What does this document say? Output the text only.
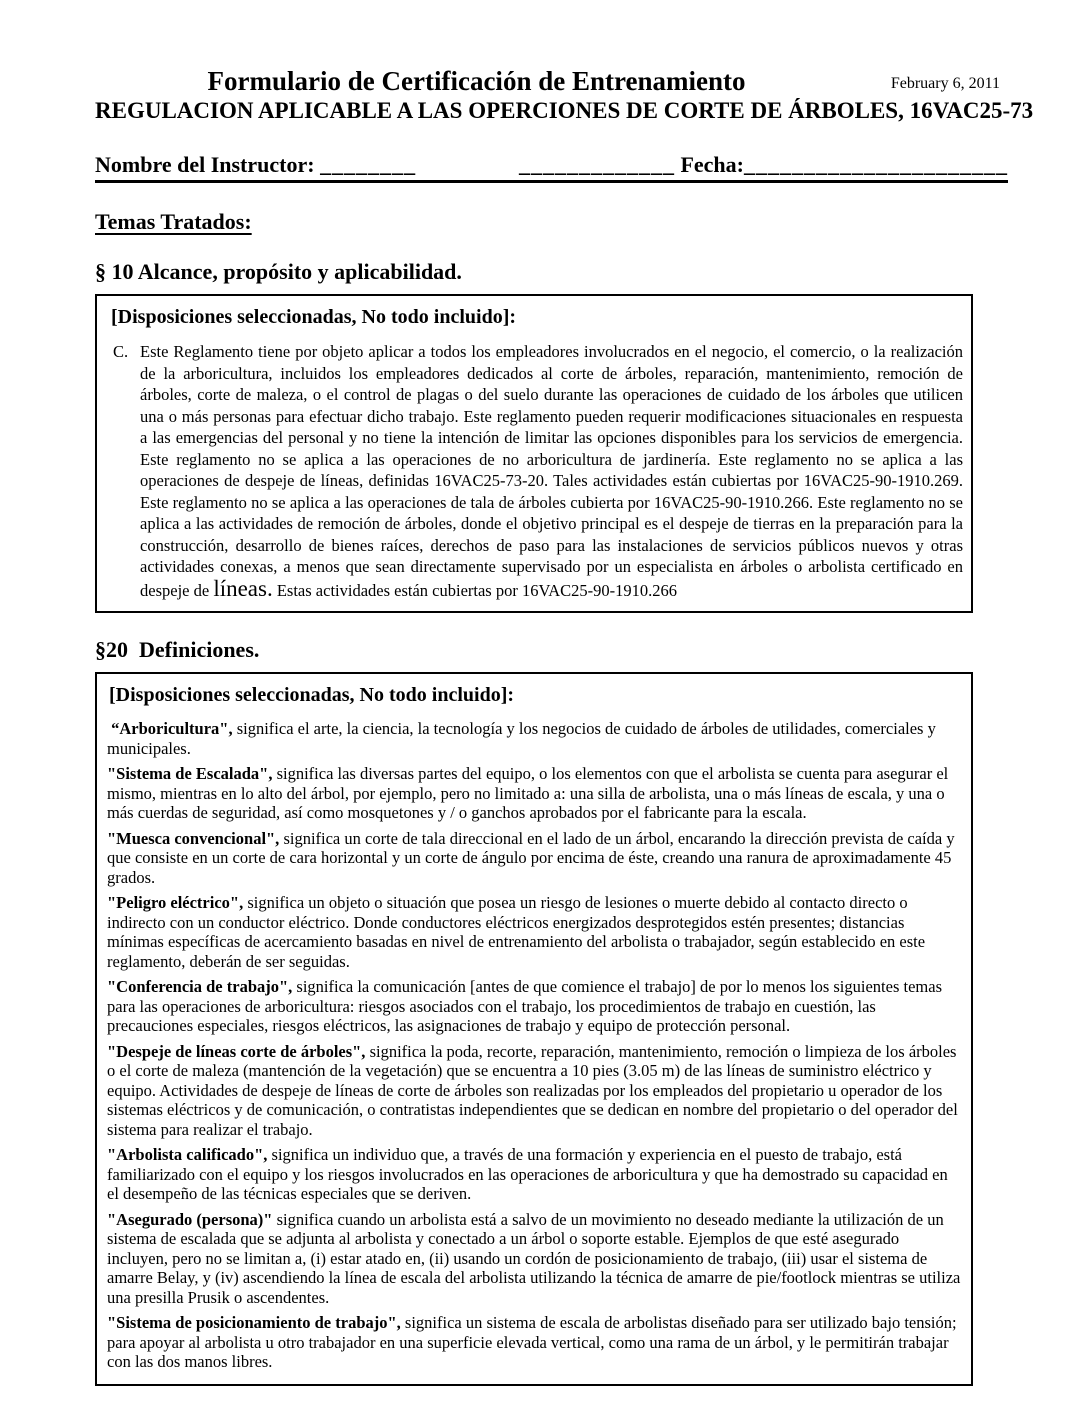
Formulario de Certificación de Entrenamiento	February 6, 2011
REGULACION APLICABLE A LAS OPERCIONES DE CORTE DE ÁRBOLES, 16VAC25-73
Nombre del Instructor: ________	_____________ Fecha: ______________________
Temas Tratados:
§ 10 Alcance, propósito y aplicabilidad.
[Disposiciones seleccionadas, No todo incluido]:

C. Este Reglamento tiene por objeto aplicar a todos los empleadores involucrados en el negocio, el comercio, o la realización de la arboricultura, incluidos los empleadores dedicados al corte de árboles, reparación, mantenimiento, remoción de árboles, corte de maleza, o el control de plagas o del suelo durante las operaciones de cuidado de los árboles que utilicen una o más personas para efectuar dicho trabajo. Este reglamento pueden requerir modificaciones situacionales en respuesta a las emergencias del personal y no tiene la intención de limitar las opciones disponibles para los servicios de emergencia. Este reglamento no se aplica a las operaciones de no arboricultura de jardinería. Este reglamento no se aplica a las operaciones de despeje de líneas, definidas 16VAC25-73-20. Tales actividades están cubiertas por 16VAC25-90-1910.269. Este reglamento no se aplica a las operaciones de tala de árboles cubierta por 16VAC25-90-1910.266. Este reglamento no se aplica a las actividades de remoción de árboles, donde el objetivo principal es el despeje de tierras en la preparación para la construcción, desarrollo de bienes raíces, derechos de paso para las instalaciones de servicios públicos nuevos y otras actividades conexas, a menos que sean directamente supervisado por un especialista en árboles o arbolista certificado en despeje de líneas. Estas actividades están cubiertas por 16VAC25-90-1910.266

§20  Definiciones.
[Disposiciones seleccionadas, No todo incluido]:

“Arboricultura", significa el arte, la ciencia, la tecnología y los negocios de cuidado de árboles de utilidades, comerciales y municipales.

"Sistema de Escalada", significa las diversas partes del equipo, o los elementos con que el arbolista se cuenta para asegurar el mismo, mientras en lo alto del árbol, por ejemplo, pero no limitado a: una silla de arbolista, una o más líneas de escala, y una o más cuerdas de seguridad, así como mosquetones y / o ganchos aprobados por el fabricante para la escala.

"Muesca convencional", significa un corte de tala direccional en el lado de un árbol, encarando la dirección prevista de caída y que consiste en un corte de cara horizontal y un corte de ángulo por encima de éste, creando una ranura de aproximadamente 45 grados.

"Peligro eléctrico", significa un objeto o situación que posea un riesgo de lesiones o muerte debido al contacto directo o indirecto con un conductor eléctrico. Donde conductores eléctricos energizados desprotegidos estén presentes; distancias mínimas específicas de acercamiento basadas en nivel de entrenamiento del arbolista o trabajador, según establecido en este reglamento, deberán de ser seguidas.

"Conferencia de trabajo", significa la comunicación [antes de que comience el trabajo] de por lo menos los siguientes temas para las operaciones de arboricultura: riesgos asociados con el trabajo, los procedimientos de trabajo en cuestión, las precauciones especiales, riesgos eléctricos, las asignaciones de trabajo y equipo de protección personal.

"Despeje de líneas corte de árboles", significa la poda, recorte, reparación, mantenimiento, remoción o limpieza de los árboles o el corte de maleza (mantención de la vegetación) que se encuentra a 10 pies (3.05 m) de las líneas de suministro eléctrico y equipo. Actividades de despeje de líneas de corte de árboles son realizadas por los empleados del propietario u operador de los sistemas eléctricos y de comunicación, o contratistas independientes que se dedican en nombre del propietario o del operador del sistema para realizar el trabajo.

"Arbolista calificado", significa un individuo que, a través de una formación y experiencia en el puesto de trabajo, está familiarizado con el equipo y los riesgos involucrados en las operaciones de arboricultura y que ha demostrado su capacidad en el desempeño de las técnicas especiales que se deriven.

"Asegurado (persona)" significa cuando un arbolista está a salvo de un movimiento no deseado mediante la utilización de un sistema de escalada que se adjunta al arbolista y conectado a un árbol o soporte estable. Ejemplos de que esté asegurado incluyen, pero no se limitan a, (i) estar atado en, (ii) usando un cordón de posicionamiento de trabajo, (iii) usar el sistema de amarre Belay, y (iv) ascendiendo la línea de escala del arbolista utilizando la técnica de amarre de pie/footlock mientras se utiliza una presilla Prusik o ascendentes.

"Sistema de posicionamiento de trabajo", significa un sistema de escala de arbolistas diseñado para ser utilizado bajo tensión; para apoyar al arbolista u otro trabajador en una superficie elevada vertical, como una rama de un árbol, y le permitirán trabajar con las dos manos libres.
